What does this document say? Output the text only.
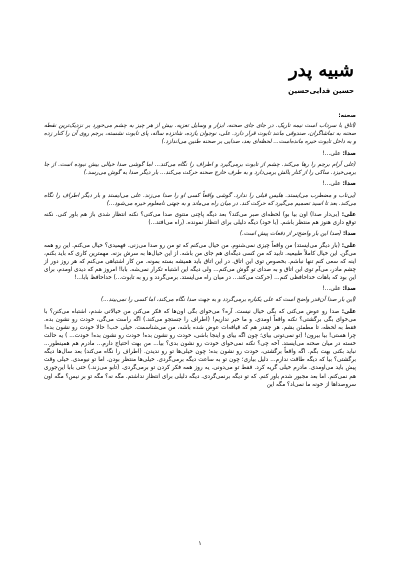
شبیه پدر
حسین فدایی‌حسین

صحنه:

(اتاق با سرداب است نیمه تاریک. در جای جای صحنه، ابزار و وسایل تعزیه. بیش از هر چیز به چشم می‌خورد بر نزدیک‌ترین نقطه صحنه به تماشاگران، صندوقی مانند تابوت قرار دارد. علی، نوجوان یازده، شانزده ساله، پای تابوت نشسته، برجم روی آن را کنار زده و به داخل تابوت خیره مانده‌است... لحظه‌ای بعد، صدایی بر صحنه طنین می‌اندازد.)

صدا: علی...!

(علی آرام برجم را رها می‌کند. چشم از تابوت برمی‌گیرد و اطراف را نگاه می‌کند... اما گوشی صدا خیالی بیش نبوده است. از جا برمی‌خیزد. ساکی را از کنار بالش برمی‌دارد و به طرف خارج صحنه حرکت می‌کند... بار دیگر صدا به گوش می‌رسد.)

صدا: علی...!

(بی‌تاب و مضطرب می‌ایستد. هلیس قبلی را ندارد. گوشی واقعاً کسی او را صدا می‌زند. علی می‌ایستد و بار دیگر اطراف را نگاه می‌کند. بعد تا اسید تصمیم می‌گیرد که حرکت کند. در میان راه می‌ماند و به جهتی نامعلوم خیره می‌شود...)

علی: (بی‌دار صدا) اون بیا بو) لحظه‌ای صبر می‌کند؟ بعد دیگه پاچنی منتوی صدا می‌کنی؟ نکنه انتظار شدی باز هم باور کنی. نکنه توقع داری هنوز هم منتظر باشم. (با خود) دیگه دلیلی برای انتظار نمونده. (راه می‌افتد...)

صدا: (صدا این بار واضح‌تر از دفعات پیش است.)

علی: (بار دیگر می‌ایستد) من واقعاً چیزی نمی‌شنوم. من خیال می‌کنم که تو من رو صدا می‌زنی. فهمیدی؟ خیال می‌کنم. این رو همه می‌گن. این خیال کاملاً طبیعیه. تابید که من کسی دیگه‌ای هم جای من باشه. از این خیال‌ها به سرش بزنه. مهمترین کاری که باید بکنم، اینه که سعی کنم تنها نباشم. بخصوص توی این اتاق. در این اتاق باید همیشه بسته بمونه. من کار اشتباهی می‌کنم که هر روز دور از چشم مادر، می‌آم توی این اتاق و به صدای تو گوش می‌کنم... ولی دیگه این اشتباه تکرار نمی‌شه. بابا! امروز هم که دیدی اومدم، برای این بود که باهات خداحافظی کنم... (حرکت می‌کند... در میان راه می‌ایستد. برمی‌گردد و رو به تابوت...) خداحافظ بابا...!

صدا: علی...!

(این بار صدا آن‌قدر واضح است که علی یکباره برمی‌گردد و به جهت صدا نگاه می‌کند، اما کسی را نمی‌بیند...)

علی: صدا رو عوض می‌کنی که بگی خیال نیست. آره؟ می‌خوای بگی اون‌ها که فکر می‌کنن من خیالاتی شدم، اشتباه می‌کنن؟ با می‌خوای بگی برگشتی؟ نکنه واقعاً اومدی. و ما خبر نداریم! (اطراف را جستجو می‌کند.) اگه راست می‌گی، خودت رو نشون بده. فقط به لحظه، تا مطمئن بشم. هر چقدر هم که قیافه‌ات عوض شده باشه، من می‌شناسمت. خیلی خب! حالا خودت رو نشون بده! چرا هستی! بیا بیرون! (تو نمی‌تونی بیای؛ چون اگه بیای و اینجا باشی، خودت رو نشون بده! خودت رو نشون بده! خودت... ) یه حالت خسته در میان صحنه می‌ایستد. آخه چی؟ نکنه نمی‌خوای خودت رو نشون بدی؟ بیا... من بهت احتیاج دارم... مادرم هم همینطور... نباید بکنی بهت بگم. اگه واقعاً برگشتی، خودت رو نشون بده؛ چون خیلی‌ها تو رو ندیدن. (اطراف را نگاه می‌کند) بعد سال‌ها دیگه برگشتی؟ بیا که دیگه طاقت ندارم... دلیل بیاری؛ چون تو به ساعت دیگه برمی‌گردی. خیلی‌ها منتظر بودن. اما تو نیومدی. خیلی وقت پیش باید می‌اومدی. مادرم خیلی گریه کرد. فقط تو می‌دونی. یه روز همه فکر کردن تو برمی‌گردی. (تابو می‌زند.) حتی بابا این‌جوری هم نمی‌کنم. اما بعد مجبور شدم باور کنم. که تو دیگه برنمی‌گردی. دیگه دلیلی برای انتظار نداشتم. مگه نه؟ مگه تو بر نیس؟ مگه اون سروصداها از خونه ما نمی‌اد؟ مگه این

۱
